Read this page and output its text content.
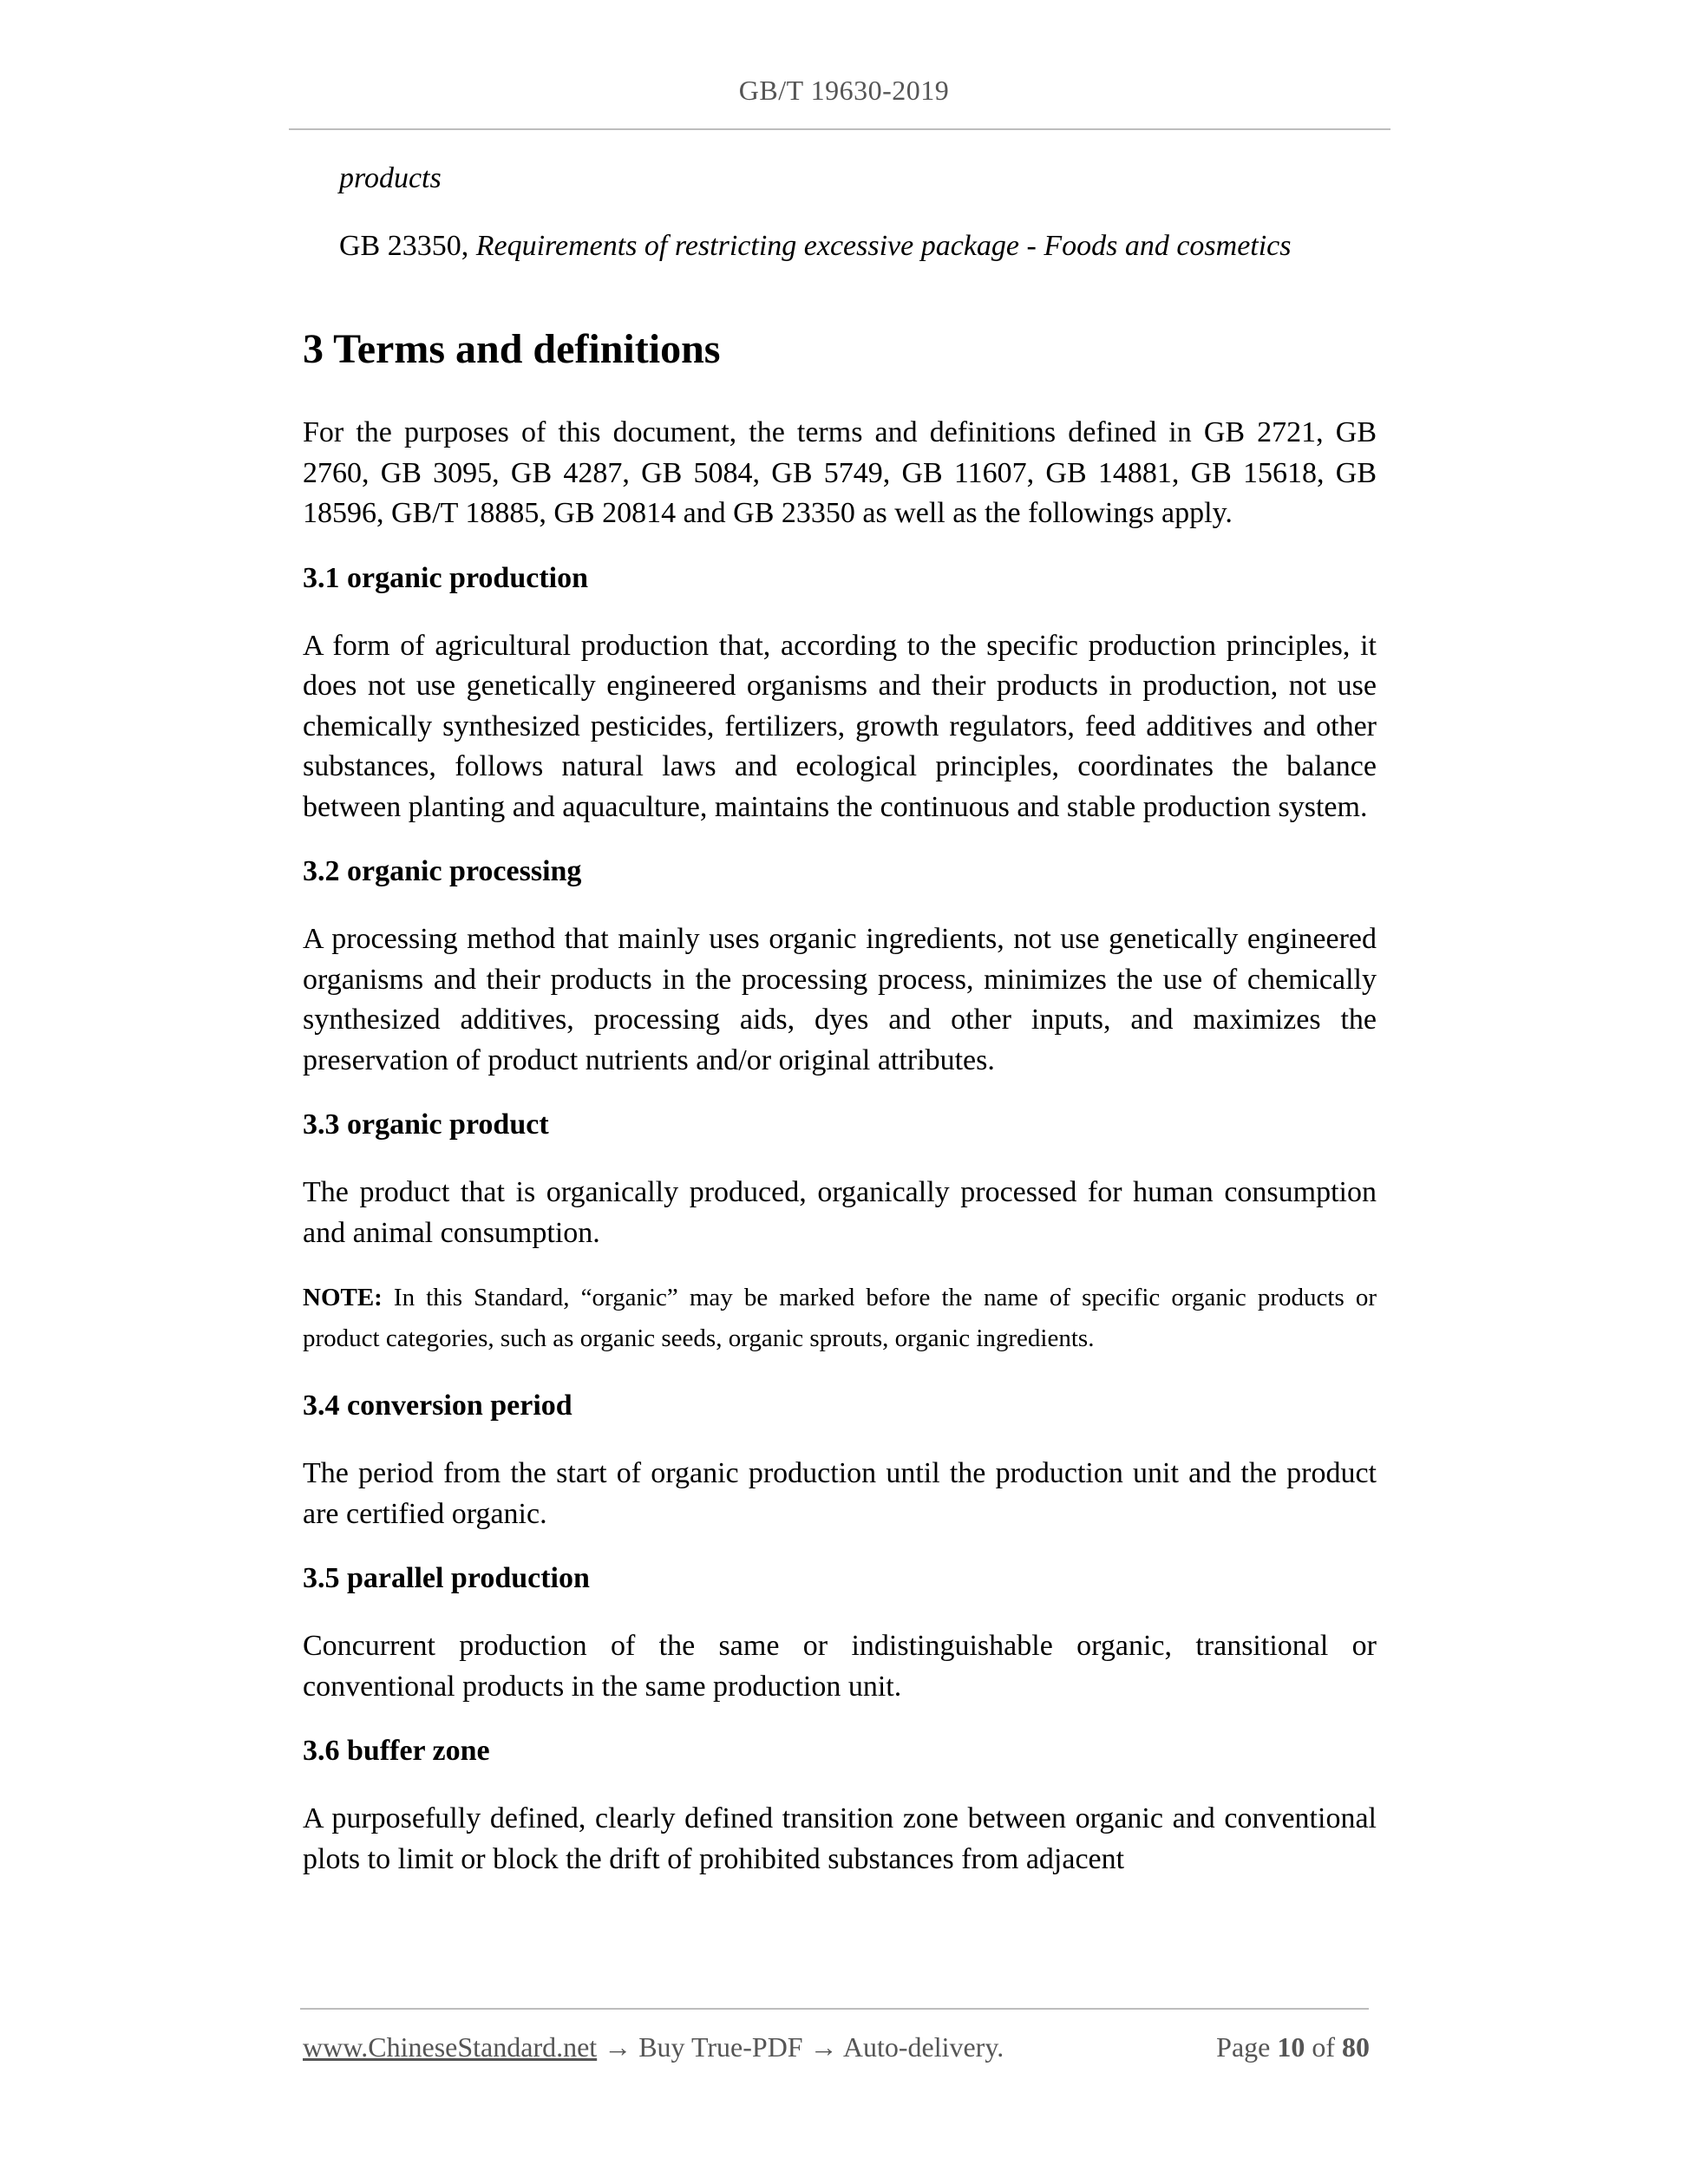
GB/T 19630-2019
products
GB 23350, Requirements of restricting excessive package - Foods and cosmetics
3 Terms and definitions

For the purposes of this document, the terms and definitions defined in GB 2721, GB 2760, GB 3095, GB 4287, GB 5084, GB 5749, GB 11607, GB 14881, GB 15618, GB 18596, GB/T 18885, GB 20814 and GB 23350 as well as the followings apply.

3.1 organic production

A form of agricultural production that, according to the specific production principles, it does not use genetically engineered organisms and their products in production, not use chemically synthesized pesticides, fertilizers, growth regulators, feed additives and other substances, follows natural laws and ecological principles, coordinates the balance between planting and aquaculture, maintains the continuous and stable production system.

3.2 organic processing

A processing method that mainly uses organic ingredients, not use genetically engineered organisms and their products in the processing process, minimizes the use of chemically synthesized additives, processing aids, dyes and other inputs, and maximizes the preservation of product nutrients and/or original attributes.

3.3 organic product

The product that is organically produced, organically processed for human consumption and animal consumption.

NOTE: In this Standard, “organic” may be marked before the name of specific organic products or product categories, such as organic seeds, organic sprouts, organic ingredients.

3.4 conversion period

The period from the start of organic production until the production unit and the product are certified organic.

3.5 parallel production

Concurrent production of the same or indistinguishable organic, transitional or conventional products in the same production unit.

3.6 buffer zone

A purposefully defined, clearly defined transition zone between organic and conventional plots to limit or block the drift of prohibited substances from adjacent

www.ChineseStandard.net → Buy True-PDF → Auto-delivery.	Page 10 of 80
